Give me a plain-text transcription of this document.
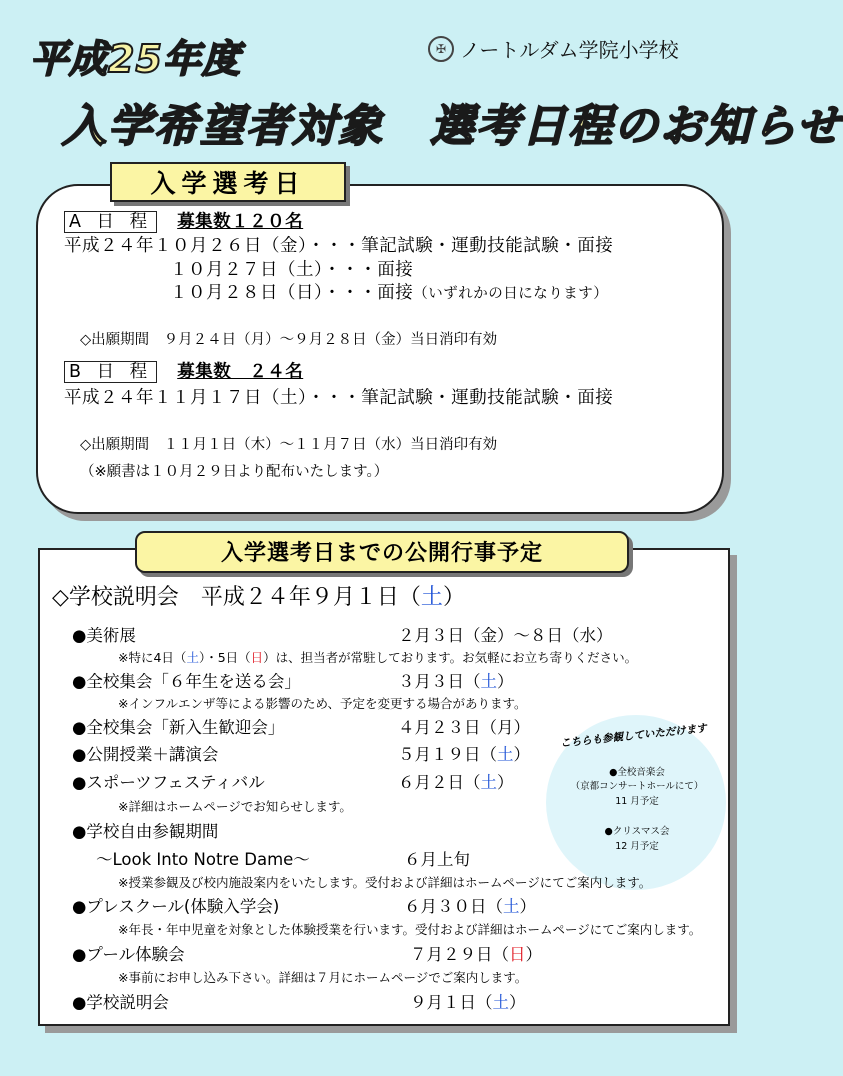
平成25年度
入学希望者対象　選考日程のお知らせ
✠ ノートルダム学院小学校
入学選考日
A 日 程 募集数１２０名
平成２４年１０月２６日（金）・・・筆記試験・運動技能試験・面接
１０月２７日（土）・・・面接
１０月２８日（日）・・・面接（いずれかの日になります）
◇出願期間　９月２４日（月）～９月２８日（金）当日消印有効
B 日 程 募集数　２４名
平成２４年１１月１７日（土）・・・筆記試験・運動技能試験・面接
◇出願期間　１１月１日（木）～１１月７日（水）当日消印有効
（※願書は１０月２９日より配布いたします。）
入学選考日までの公開行事予定
◇学校説明会　平成２４年９月１日（土）
こちらも参観していただけます
●全校音楽会
（京都コンサートホールにて）
11 月予定
●クリスマス会
12 月予定
●美術展	２月３日（金）～８日（水）
※特に4日（土）・5日（日）は、担当者が常駐しております。お気軽にお立ち寄りください。
●全校集会「６年生を送る会」	３月３日（土）
※インフルエンザ等による影響のため、予定を変更する場合があります。
●全校集会「新入生歓迎会」	４月２３日（月）
●公開授業＋講演会	５月１９日（土）
●スポーツフェスティバル	６月２日（土）
※詳細はホームページでお知らせします。
●学校自由参観期間
～Look Into Notre Dame～	６月上旬
※授業参観及び校内施設案内をいたします。受付および詳細はホームページにてご案内します。
●プレスクール(体験入学会)	６月３０日（土）
※年長・年中児童を対象とした体験授業を行います。受付および詳細はホームページにてご案内します。
●プール体験会	７月２９日（日）
※事前にお申し込み下さい。詳細は７月にホームページでご案内します。
●学校説明会	９月１日（土）
